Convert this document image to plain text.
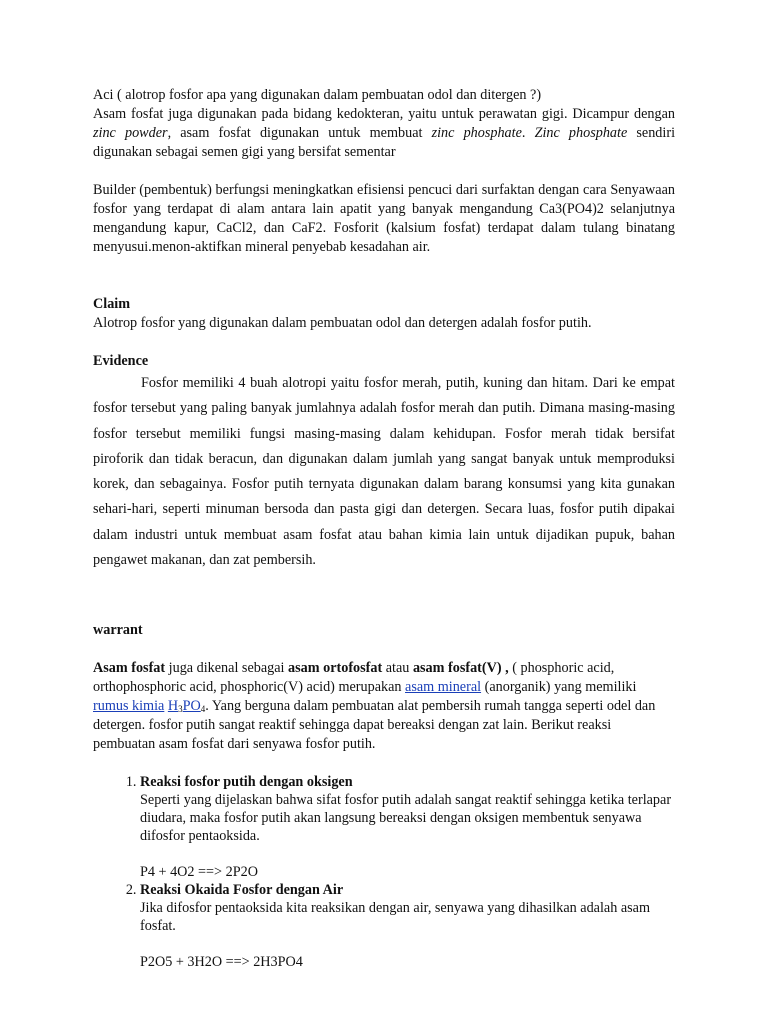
Aci ( alotrop fosfor apa yang digunakan dalam pembuatan odol dan ditergen ?)

Asam fosfat juga digunakan pada bidang kedokteran, yaitu untuk perawatan gigi. Dicampur dengan zinc powder, asam fosfat digunakan untuk membuat zinc phosphate. Zinc phosphate sendiri digunakan sebagai semen gigi yang bersifat sementar

Builder (pembentuk) berfungsi meningkatkan efisiensi pencuci dari surfaktan dengan cara Senyawaan fosfor yang terdapat di alam antara lain apatit yang banyak mengandung Ca3(PO4)2 selanjutnya mengandung kapur, CaCl2, dan CaF2. Fosforit (kalsium fosfat) terdapat dalam tulang binatang menyusui.menon-aktifkan mineral penyebab kesadahan air.

Claim

Alotrop fosfor yang digunakan dalam pembuatan odol dan detergen adalah fosfor putih.

Evidence

Fosfor memiliki 4 buah alotropi yaitu fosfor merah, putih, kuning dan hitam. Dari ke empat fosfor tersebut yang paling banyak jumlahnya adalah fosfor merah dan putih. Dimana masing-masing fosfor tersebut memiliki fungsi masing-masing dalam kehidupan. Fosfor merah tidak bersifat piroforik dan tidak beracun, dan digunakan dalam jumlah yang sangat banyak untuk memproduksi korek, dan sebagainya. Fosfor putih ternyata digunakan dalam barang konsumsi yang kita gunakan sehari-hari, seperti minuman bersoda dan pasta gigi dan detergen. Secara luas, fosfor putih dipakai dalam industri untuk membuat asam fosfat atau bahan kimia lain untuk dijadikan pupuk, bahan pengawet makanan, dan zat pembersih.

warrant

Asam fosfat juga dikenal sebagai asam ortofosfat atau asam fosfat(V) , ( phosphoric acid, orthophosphoric acid, phosphoric(V) acid) merupakan asam mineral (anorganik) yang memiliki rumus kimia $H_3PO_4$. Yang berguna dalam pembuatan alat pembersih rumah tangga seperti odel dan detergen. fosfor putih sangat reaktif sehingga dapat bereaksi dengan zat lain. Berikut reaksi pembuatan asam fosfat dari senyawa fosfor putih.

1. Reaksi fosfor putih dengan oksigen
Seperti yang dijelaskan bahwa sifat fosfor putih adalah sangat reaktif sehingga ketika terlapar diudara, maka fosfor putih akan langsung bereaksi dengan oksigen membentuk senyawa difosfor pentaoksida.
P4 + 4O2 ==> 2P2O
2. Reaksi Okaida Fosfor dengan Air
Jika difosfor pentaoksida kita reaksikan dengan air, senyawa yang dihasilkan adalah asam fosfat.
P2O5 + 3H2O ==> 2H3PO4
